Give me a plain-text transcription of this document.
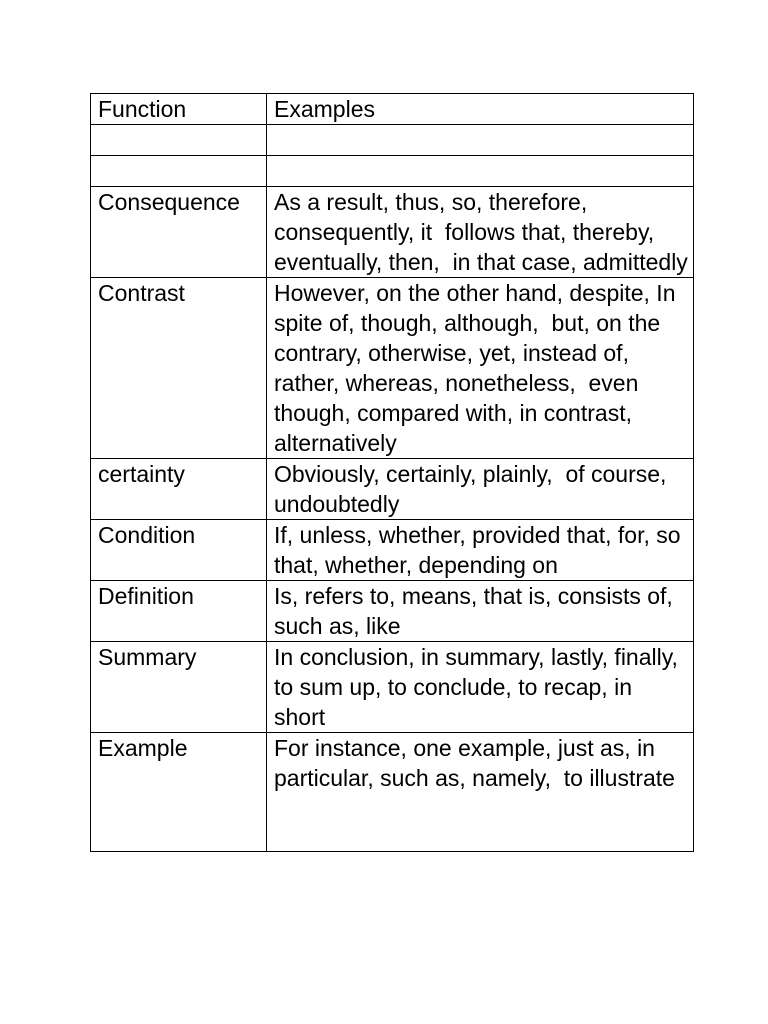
Function	Examples

Consequence	As a result, thus, so, therefore, consequently, it  follows that, thereby, eventually, then,  in that case, admittedly
Contrast	However, on the other hand, despite, In spite of, though, although,  but, on the contrary, otherwise, yet, instead of,  rather, whereas, nonetheless,  even though, compared with, in contrast, alternatively
certainty	Obviously, certainly, plainly,  of course, undoubtedly
Condition	If, unless, whether, provided that, for, so that, whether, depending on
Definition	Is, refers to, means, that is, consists of, such as, like
Summary	In conclusion, in summary, lastly, finally, to sum up, to conclude, to recap, in short
Example	For instance, one example, just as, in particular, such as, namely,  to illustrate
